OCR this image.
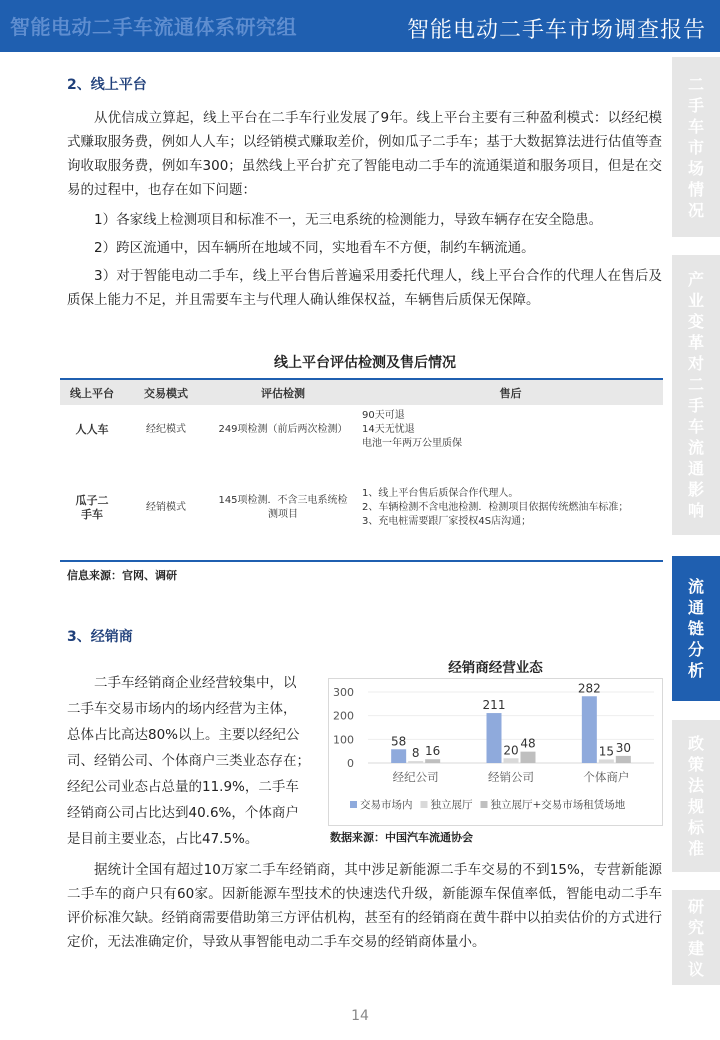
智能电动二手车流通体系研究组	智能电动二手车市场调查报告
二
手
车
市
场
情
况
产
业
变
革
对
二
手
车
流
通
影
响
流
通
链
分
析
政
策
法
规
标
准
研
究
建
议
2、线上平台

从优信成立算起，线上平台在二手车行业发展了9年。线上平台主要有三种盈利模式：以经纪模式赚取服务费，例如人人车；以经销模式赚取差价，例如瓜子二手车；基于大数据算法进行估值等查询收取服务费，例如车300；虽然线上平台扩充了智能电动二手车的流通渠道和服务项目，但是在交易的过程中，也存在如下问题：

1）各家线上检测项目和标准不一，无三电系统的检测能力，导致车辆存在安全隐患。

2）跨区流通中，因车辆所在地域不同，实地看车不方便，制约车辆流通。

3）对于智能电动二手车，线上平台售后普遍采用委托代理人，线上平台合作的代理人在售后及质保上能力不足，并且需要车主与代理人确认维保权益，车辆售后质保无保障。

线上平台评估检测及售后情况
线上平台	交易模式	评估检测	售后
人人车	经纪模式	249项检测（前后两次检测）	90天可退
14天无忧退
电池一年两万公里质保

瓜子二手车	经销模式	145项检测．不含三电系统检测项目	1、线上平台售后质保合作代理人。
2、车辆检测不含电池检测．检测项目依据传统燃油车标准；
3、充电桩需要跟厂家授权4S店沟通；
信息来源：官网、调研
3、经销商
二手车经销商企业经营较集中，以
二手车交易市场内的场内经营为主体，
总体占比高达80%以上。主要以经纪公
司、经销公司、个体商户三类业态存在；
经纪公司业态占总量的11.9%，二手车
经销商公司占比达到40.6%，个体商户
是目前主要业态，占比47.5%。
经销商经营业态
0
100
200
300
58
8 16
经纪公司
211
20 48
经销公司
282
15 30
个体商户
交易市场内 独立展厅 独立展厅+交易市场租赁场地
数据来源：中国汽车流通协会

据统计全国有超过10万家二手车经销商，其中涉足新能源二手车交易的不到15%，专营新能源二手车的商户只有60家。因新能源车型技术的快速迭代升级，新能源车保值率低，智能电动二手车评价标准欠缺。经销商需要借助第三方评估机构，甚至有的经销商在黄牛群中以拍卖估价的方式进行定价，无法准确定价，导致从事智能电动二手车交易的经销商体量小。

14
